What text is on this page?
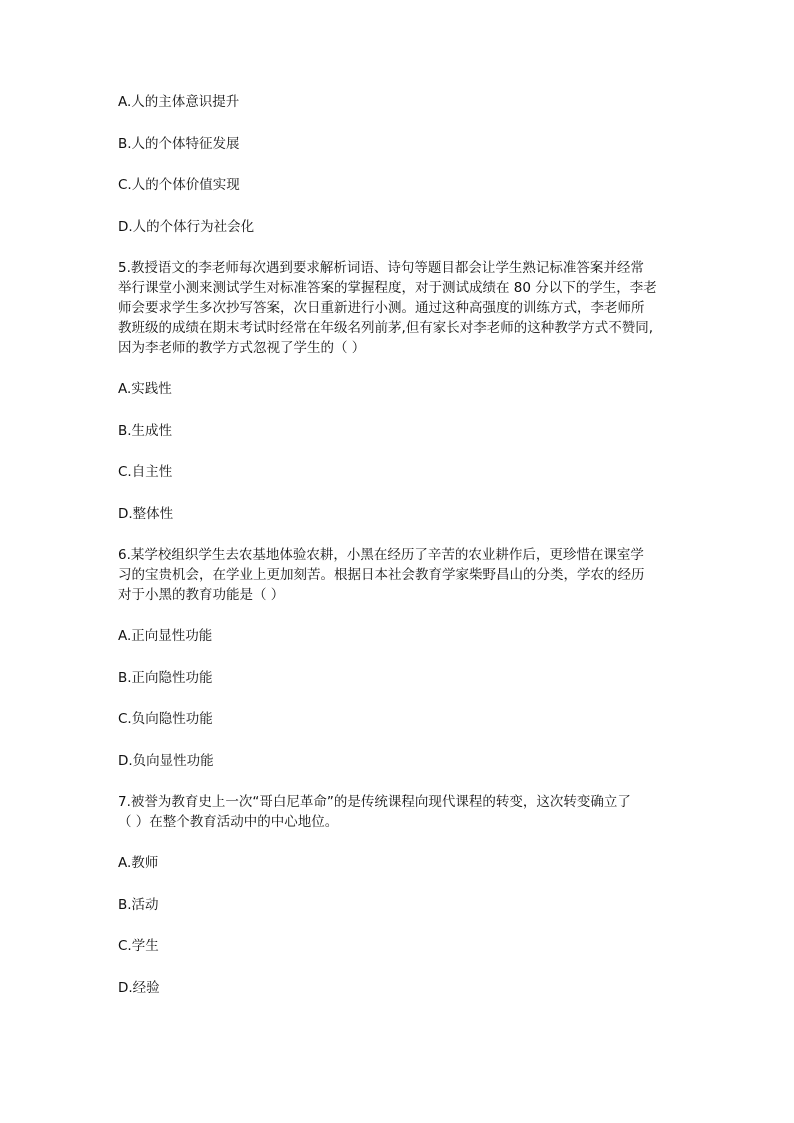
A.人的主体意识提升

B.人的个体特征发展

C.人的个体价值实现

D.人的个体行为社会化

5.教授语文的李老师每次遇到要求解析词语、诗句等题目都会让学生熟记标准答案并经常

举行课堂小测来测试学生对标准答案的掌握程度，对于测试成绩在 80 分以下的学生，李老

师会要求学生多次抄写答案，次日重新进行小测。通过这种高强度的训练方式，李老师所

教班级的成绩在期末考试时经常在年级名列前茅,但有家长对李老师的这种教学方式不赞同,

因为李老师的教学方式忽视了学生的（ ）

A.实践性

B.生成性

C.自主性

D.整体性

6.某学校组织学生去农基地体验农耕，小黑在经历了辛苦的农业耕作后，更珍惜在课室学

习的宝贵机会，在学业上更加刻苦。根据日本社会教育学家柴野昌山的分类，学农的经历

对于小黑的教育功能是（ ）

A.正向显性功能

B.正向隐性功能

C.负向隐性功能

D.负向显性功能

7.被誉为教育史上一次“哥白尼革命”的是传统课程向现代课程的转变，这次转变确立了

（ ）在整个教育活动中的中心地位。

A.教师

B.活动

C.学生

D.经验
